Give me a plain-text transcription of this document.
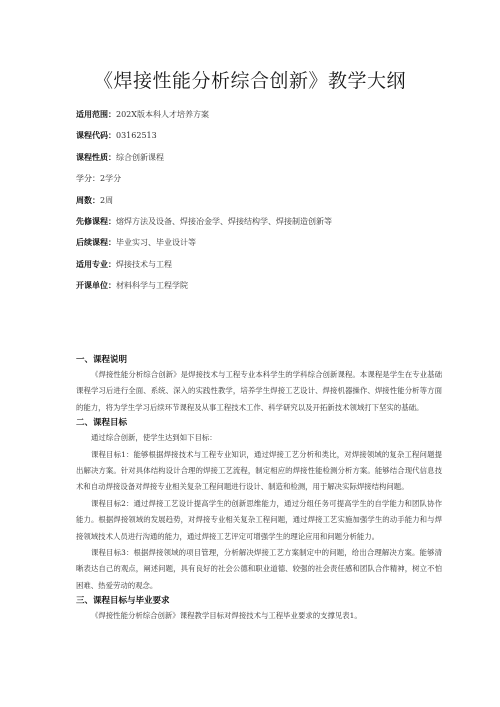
《焊接性能分析综合创新》教学大纲
适用范围：202X版本科人才培养方案
课程代码：03162513
课程性质：综合创新课程
学分：2学分
周数：2周
先修课程：熔焊方法及设备、焊接冶金学、焊接结构学、焊接制造创新等
后续课程：毕业实习、毕业设计等
适用专业：焊接技术与工程
开课单位：材料科学与工程学院
一、课程说明

《焊接性能分析综合创新》是焊接技术与工程专业本科学生的学科综合创新课程。本课程是学生在专业基础课程学习后进行全面、系统、深入的实践性教学，培养学生焊接工艺设计、焊接机器操作、焊接性能分析等方面的能力，将为学生学习后续环节课程及从事工程技术工作、科学研究以及开拓新技术领域打下坚实的基础。

二、课程目标

通过综合创新，使学生达到如下目标：

课程目标1：能够根据焊接技术与工程专业知识，通过焊接工艺分析和类比，对焊接领域的复杂工程问题提出解决方案。针对具体结构设计合理的焊接工艺流程，制定相应的焊接性能检测分析方案。能够结合现代信息技术和自动焊接设备对焊接专业相关复杂工程问题进行设计、制造和检测，用于解决实际焊接结构问题。

课程目标2：通过焊接工艺设计提高学生的创新思维能力，通过分组任务可提高学生的自学能力和团队协作能力。根据焊接领域的发展趋势，对焊接专业相关复杂工程问题，通过焊接工艺实施加强学生的动手能力和与焊接领域技术人员进行沟通的能力，通过焊接工艺评定可增强学生的理论应用和问题分析能力。

课程目标3：根据焊接领域的项目管理，分析解决焊接工艺方案制定中的问题，给出合理解决方案。能够清晰表达自己的观点，阐述问题，具有良好的社会公德和职业道德、较强的社会责任感和团队合作精神，树立不怕困难、热爱劳动的观念。

三、课程目标与毕业要求

《焊接性能分析综合创新》课程教学目标对焊接技术与工程毕业要求的支撑见表1。
